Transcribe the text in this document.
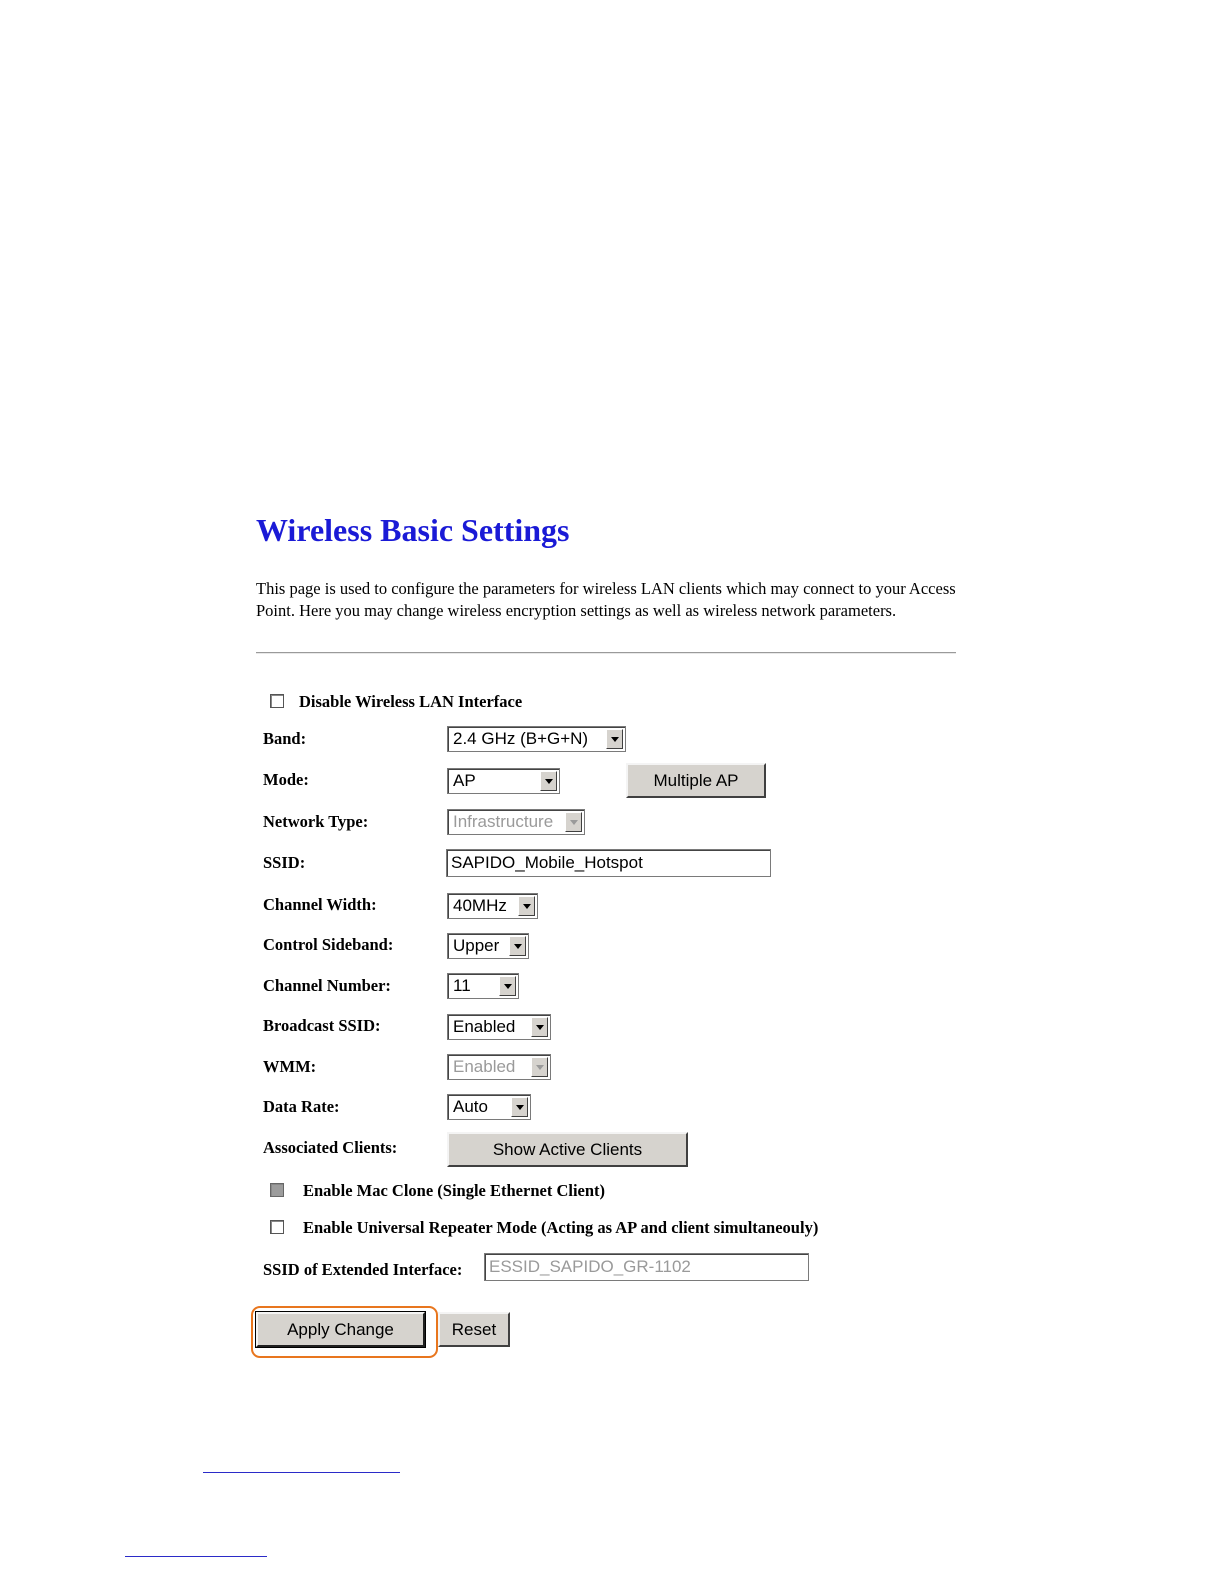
Wireless Basic Settings
This page is used to configure the parameters for wireless LAN clients which may connect to your Access Point. Here you may change wireless encryption settings as well as wireless network parameters.
Disable Wireless LAN Interface
Band:	2.4 GHz (B+G+N)
Mode:	AP	Multiple AP
Network Type:	Infrastructure
SSID:	SAPIDO_Mobile_Hotspot
Channel Width:	40MHz
Control Sideband:	Upper
Channel Number:	11
Broadcast SSID:	Enabled
WMM:	Enabled
Data Rate:	Auto
Associated Clients:	Show Active Clients
Enable Mac Clone (Single Ethernet Client)
Enable Universal Repeater Mode (Acting as AP and client simultaneouly)
SSID of Extended Interface: ESSID_SAPIDO_GR-1102
Apply Change	Reset
